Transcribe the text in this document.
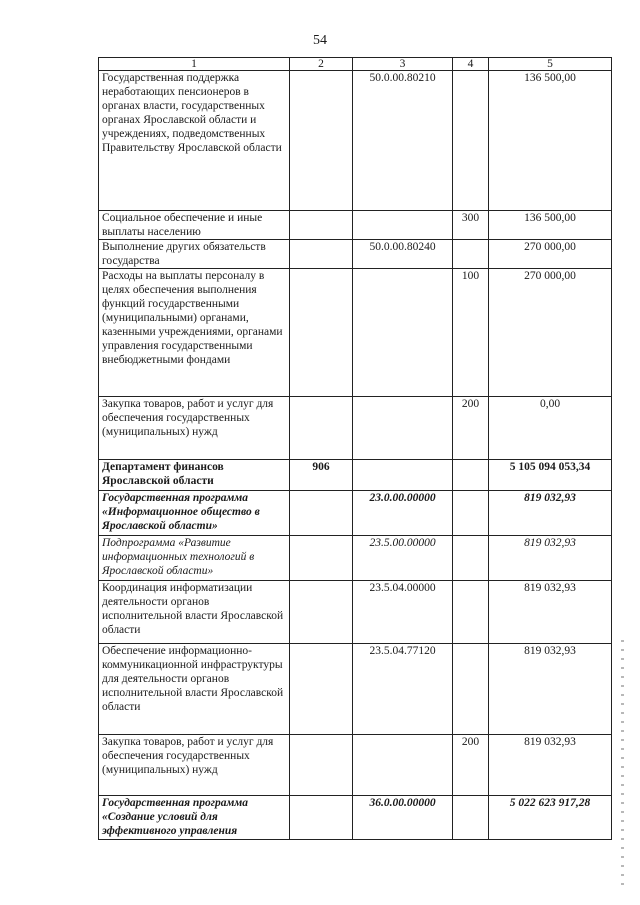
54
1	2	3	4	5
Государственная поддержка неработающих пенсионеров в органах власти, государственных органах Ярославской области и учреждениях, подведомственных Правительству Ярославской области		50.0.00.80210		136 500,00
Социальное обеспечение и иные выплаты населению			300	136 500,00
Выполнение других обязательств государства		50.0.00.80240		270 000,00
Расходы на выплаты персоналу в целях обеспечения выполнения функций государственными (муниципальными) органами, казенными учреждениями, органами управления государственными внебюджетными фондами			100	270 000,00
Закупка товаров, работ и услуг для обеспечения государственных (муниципальных) нужд			200	0,00
Департамент финансов Ярославской области	906			5 105 094 053,34
Государственная программа «Информационное общество в Ярославской области»		23.0.00.00000		819 032,93
Подпрограмма «Развитие информационных технологий в Ярославской области»		23.5.00.00000		819 032,93
Координация информатизации деятельности органов исполнительной власти Ярославской области		23.5.04.00000		819 032,93
Обеспечение информационно-коммуникационной инфраструктуры для деятельности органов исполнительной власти Ярославской области		23.5.04.77120		819 032,93
Закупка товаров, работ и услуг для обеспечения государственных (муниципальных) нужд			200	819 032,93
Государственная программа «Создание условий для эффективного управления		36.0.00.00000		5 022 623 917,28
